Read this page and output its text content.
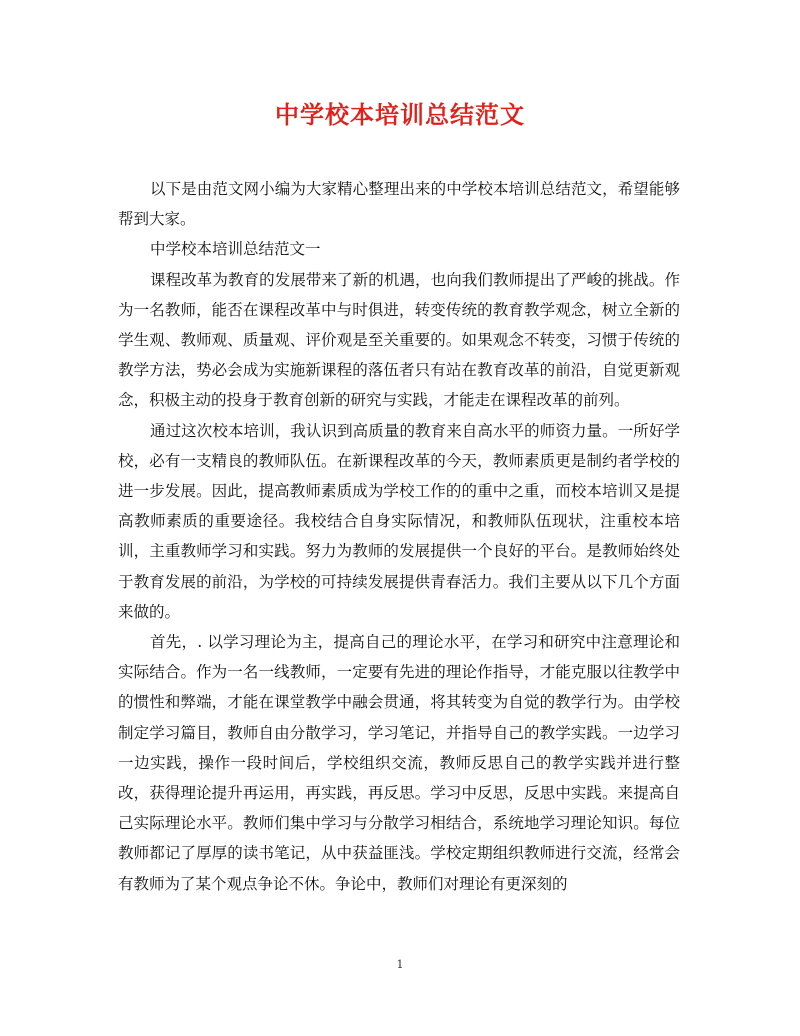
中学校本培训总结范文

以下是由范文网小编为大家精心整理出来的中学校本培训总结范文，希望能够帮到大家。

中学校本培训总结范文一

课程改革为教育的发展带来了新的机遇，也向我们教师提出了严峻的挑战。作为一名教师，能否在课程改革中与时俱进，转变传统的教育教学观念，树立全新的学生观、教师观、质量观、评价观是至关重要的。如果观念不转变，习惯于传统的教学方法，势必会成为实施新课程的落伍者只有站在教育改革的前沿，自觉更新观念，积极主动的投身于教育创新的研究与实践，才能走在课程改革的前列。

通过这次校本培训，我认识到高质量的教育来自高水平的师资力量。一所好学校，必有一支精良的教师队伍。在新课程改革的今天，教师素质更是制约者学校的进一步发展。因此，提高教师素质成为学校工作的的重中之重，而校本培训又是提高教师素质的重要途径。我校结合自身实际情况，和教师队伍现状，注重校本培训，主重教师学习和实践。努力为教师的发展提供一个良好的平台。是教师始终处于教育发展的前沿，为学校的可持续发展提供青春活力。我们主要从以下几个方面来做的。

首先，. 以学习理论为主，提高自己的理论水平，在学习和研究中注意理论和实际结合。作为一名一线教师，一定要有先进的理论作指导，才能克服以往教学中的惯性和弊端，才能在课堂教学中融会贯通，将其转变为自觉的教学行为。由学校制定学习篇目，教师自由分散学习，学习笔记，并指导自己的教学实践。一边学习一边实践，操作一段时间后，学校组织交流，教师反思自己的教学实践并进行整改，获得理论提升再运用，再实践，再反思。学习中反思，反思中实践。来提高自己实际理论水平。教师们集中学习与分散学习相结合，系统地学习理论知识。每位教师都记了厚厚的读书笔记，从中获益匪浅。学校定期组织教师进行交流，经常会有教师为了某个观点争论不休。争论中，教师们对理论有更深刻的

1
